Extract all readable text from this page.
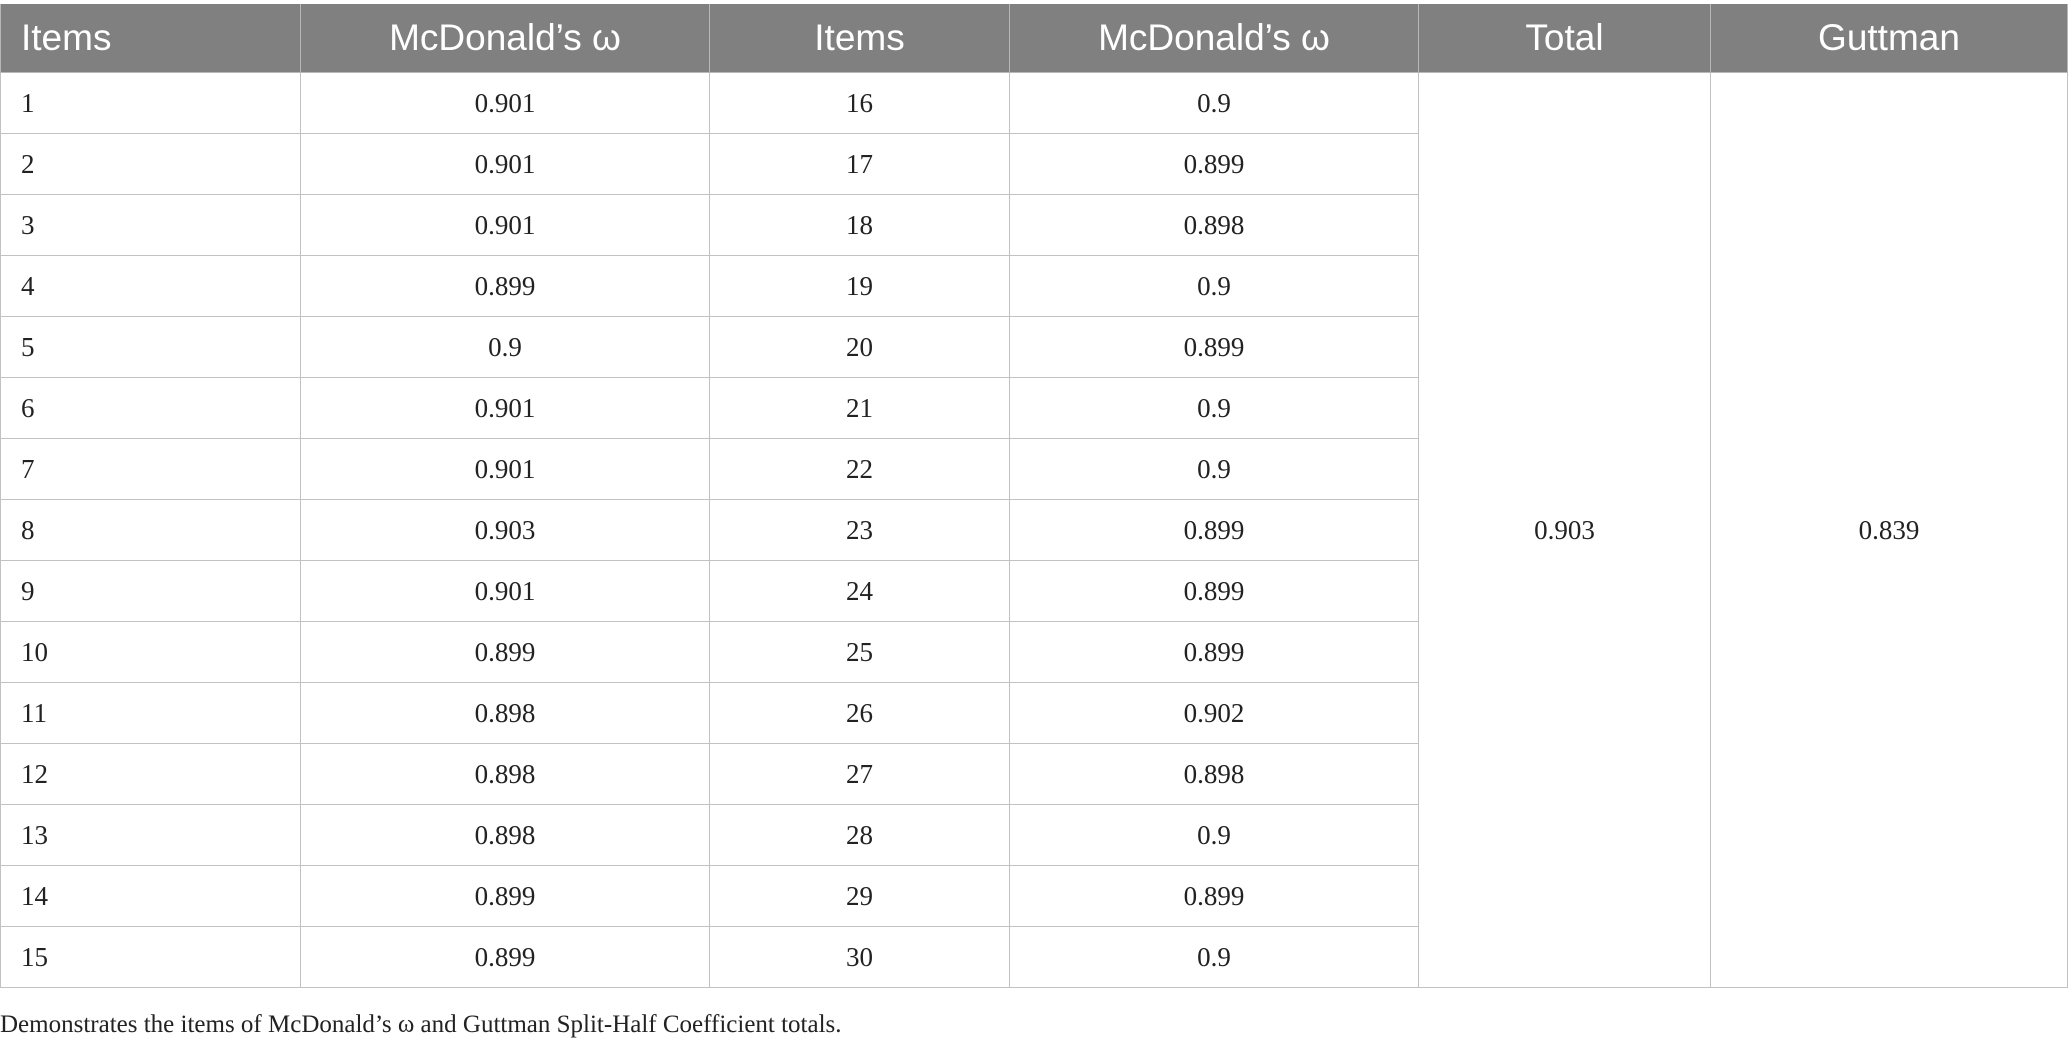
Items	McDonald’s ω	Items	McDonald’s ω	Total	Guttman
1	0.901	16	0.9	0.903	0.839
2	0.901	17	0.899		
3	0.901	18	0.898		
4	0.899	19	0.9		
5	0.9	20	0.899		
6	0.901	21	0.9		
7	0.901	22	0.9		
8	0.903	23	0.899		
9	0.901	24	0.899		
10	0.899	25	0.899		
11	0.898	26	0.902		
12	0.898	27	0.898		
13	0.898	28	0.9		
14	0.899	29	0.899		
15	0.899	30	0.9		
Demonstrates the items of McDonald’s ω and Guttman Split-Half Coefficient totals.
